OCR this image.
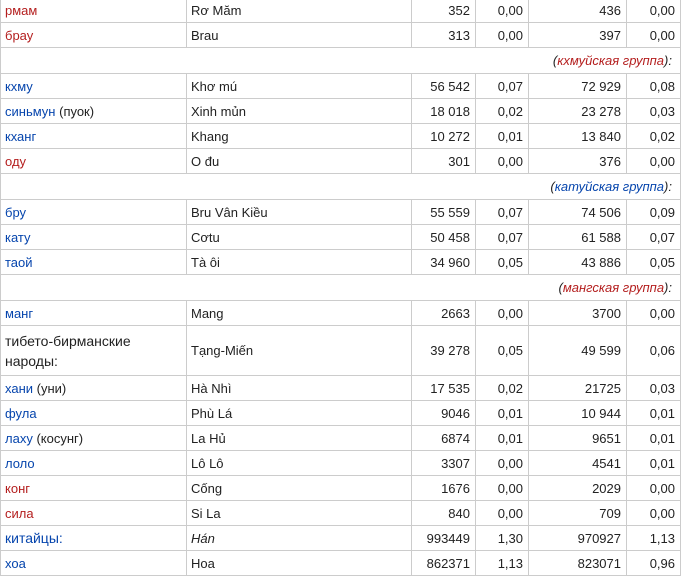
рмам	Rơ Măm	352	0,00	436	0,00
брау	Brau	313	0,00	397	0,00
(кхмуйская группа):					
кхму	Khơ mú	56 542	0,07	72 929	0,08
синьмун (пуок)	Xinh mủn	18 018	0,02	23 278	0,03
кханг	Khang	10 272	0,01	13 840	0,02
оду	O đu	301	0,00	376	0,00
(катуйская группа):					
бру	Bru Vân Kiều	55 559	0,07	74 506	0,09
кату	Cơtu	50 458	0,07	61 588	0,07
таой	Tà ôi	34 960	0,05	43 886	0,05
(мангская группа):					
манг	Mang	2663	0,00	3700	0,00
тибето-бирманские народы:	Tạng-Miến	39 278	0,05	49 599	0,06
хани (уни)	Hà Nhì	17 535	0,02	21725	0,03
фула	Phù Lá	9046	0,01	10 944	0,01
лаху (косунг)	La Hủ	6874	0,01	9651	0,01
лоло	Lô Lô	3307	0,00	4541	0,01
конг	Cống	1676	0,00	2029	0,00
сила	Si La	840	0,00	709	0,00
китайцы:	Hán	993449	1,30	970927	1,13
хоа	Hoa	862371	1,13	823071	0,96
